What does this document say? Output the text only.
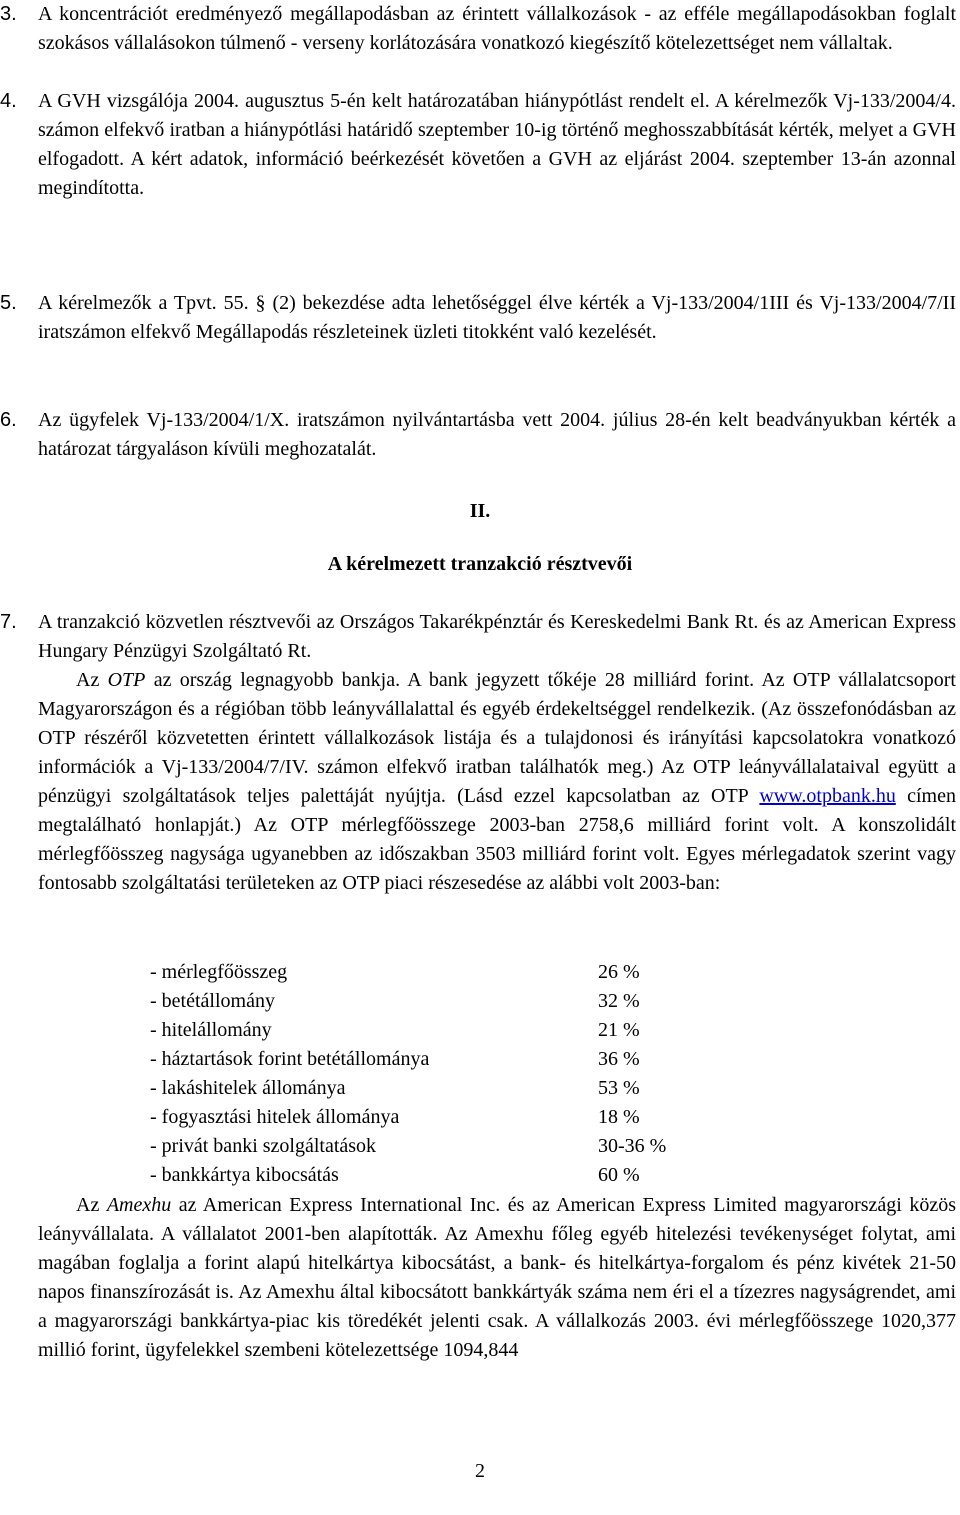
3.	A koncentrációt eredményező megállapodásban az érintett vállalkozások - az efféle megállapodásokban foglalt szokásos vállalásokon túlmenő - verseny korlátozására vonatkozó kiegészítő kötelezettséget nem vállaltak.
4.	A GVH vizsgálója 2004. augusztus 5-én kelt határozatában hiánypótlást rendelt el. A kérelmezők Vj-133/2004/4. számon elfekvő iratban a hiánypótlási határidő szeptember 10-ig történő meghosszabbítását kérték, melyet a GVH elfogadott. A kért adatok, információ beérkezését követően a GVH az eljárást 2004. szeptember 13-án azonnal megindította.
5.	A kérelmezők a Tpvt. 55. § (2) bekezdése adta lehetőséggel élve kérték a Vj-133/2004/1III és Vj-133/2004/7/II iratszámon elfekvő Megállapodás részleteinek üzleti titokként való kezelését.
6.	Az ügyfelek Vj-133/2004/1/X. iratszámon nyilvántartásba vett 2004. július 28-én kelt beadványukban kérték a határozat tárgyaláson kívüli meghozatalát.
II.
A kérelmezett tranzakció résztvevői
7.	A tranzakció közvetlen résztvevői az Országos Takarékpénztár és Kereskedelmi Bank Rt. és az American Express Hungary Pénzügyi Szolgáltató Rt.
Az OTP az ország legnagyobb bankja. A bank jegyzett tőkéje 28 milliárd forint. Az OTP vállalatcsoport Magyarországon és a régióban több leányvállalattal és egyéb érdekeltséggel rendelkezik. (Az összefonódásban az OTP részéről közvetetten érintett vállalkozások listája és a tulajdonosi és irányítási kapcsolatokra vonatkozó információk a Vj-133/2004/7/IV. számon elfekvő iratban találhatók meg.) Az OTP leányvállalataival együtt a pénzügyi szolgáltatások teljes palettáját nyújtja. (Lásd ezzel kapcsolatban az OTP www.otpbank.hu címen megtalálható honlapját.) Az OTP mérlegfőösszege 2003-ban 2758,6 milliárd forint volt. A konszolidált mérlegfőösszeg nagysága ugyanebben az időszakban 3503 milliárd forint volt. Egyes mérlegadatok szerint vagy fontosabb szolgáltatási területeken az OTP piaci részesedése az alábbi volt 2003-ban:
- mérlegfőösszeg	26 %
- betétállomány	32 %
- hitelállomány	21 %
- háztartások forint betétállománya	36 %
- lakáshitelek állománya	53 %
- fogyasztási hitelek állománya	18 %
- privát banki szolgáltatások	30-36 %
- bankkártya kibocsátás	60 %
Az Amexhu az American Express International Inc. és az American Express Limited magyarországi közös leányvállalata. A vállalatot 2001-ben alapították. Az Amexhu főleg egyéb hitelezési tevékenységet folytat, ami magában foglalja a forint alapú hitelkártya kibocsátást, a bank- és hitelkártya-forgalom és pénz kivétek 21-50 napos finanszírozását is. Az Amexhu által kibocsátott bankkártyák száma nem éri el a tízezres nagyságrendet, ami a magyarországi bankkártya-piac kis töredékét jelenti csak. A vállalkozás 2003. évi mérlegfőösszege 1020,377 millió forint, ügyfelekkel szembeni kötelezettsége 1094,844
2
